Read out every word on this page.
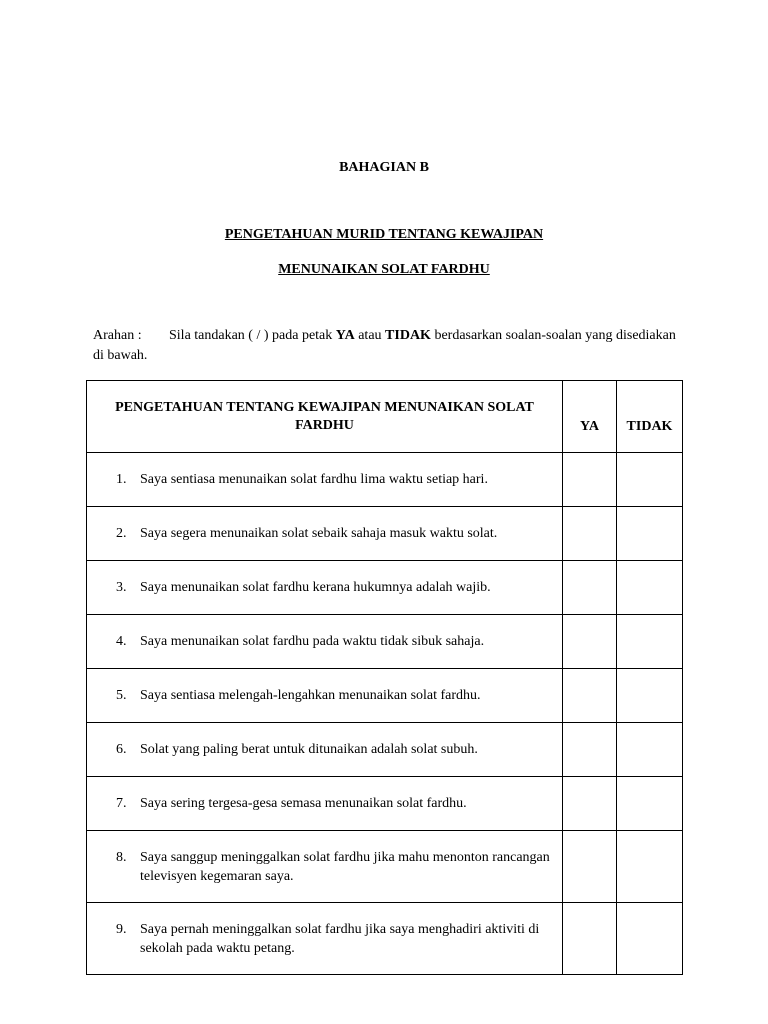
BAHAGIAN B
PENGETAHUAN MURID TENTANG KEWAJIPAN
MENUNAIKAN SOLAT FARDHU
Arahan : Sila tandakan ( / ) pada petak YA atau TIDAK berdasarkan soalan-soalan yang disediakan di bawah.
PENGETAHUAN TENTANG KEWAJIPAN MENUNAIKAN SOLAT FARDHU	YA	TIDAK

1. Saya sentiasa menunaikan solat fardhu lima waktu setiap hari.		

2. Saya segera menunaikan solat sebaik sahaja masuk waktu solat.		

3. Saya menunaikan solat fardhu kerana hukumnya adalah wajib.		

4. Saya menunaikan solat fardhu pada waktu tidak sibuk sahaja.		

5. Saya sentiasa melengah-lengahkan menunaikan solat fardhu.		

6. Solat yang paling berat untuk ditunaikan adalah solat subuh.		

7. Saya sering tergesa-gesa semasa menunaikan solat fardhu.		

8. Saya sanggup meninggalkan solat fardhu jika mahu menonton rancangan televisyen kegemaran saya.		

9. Saya pernah meninggalkan solat fardhu jika saya menghadiri aktiviti di sekolah pada waktu petang.		
